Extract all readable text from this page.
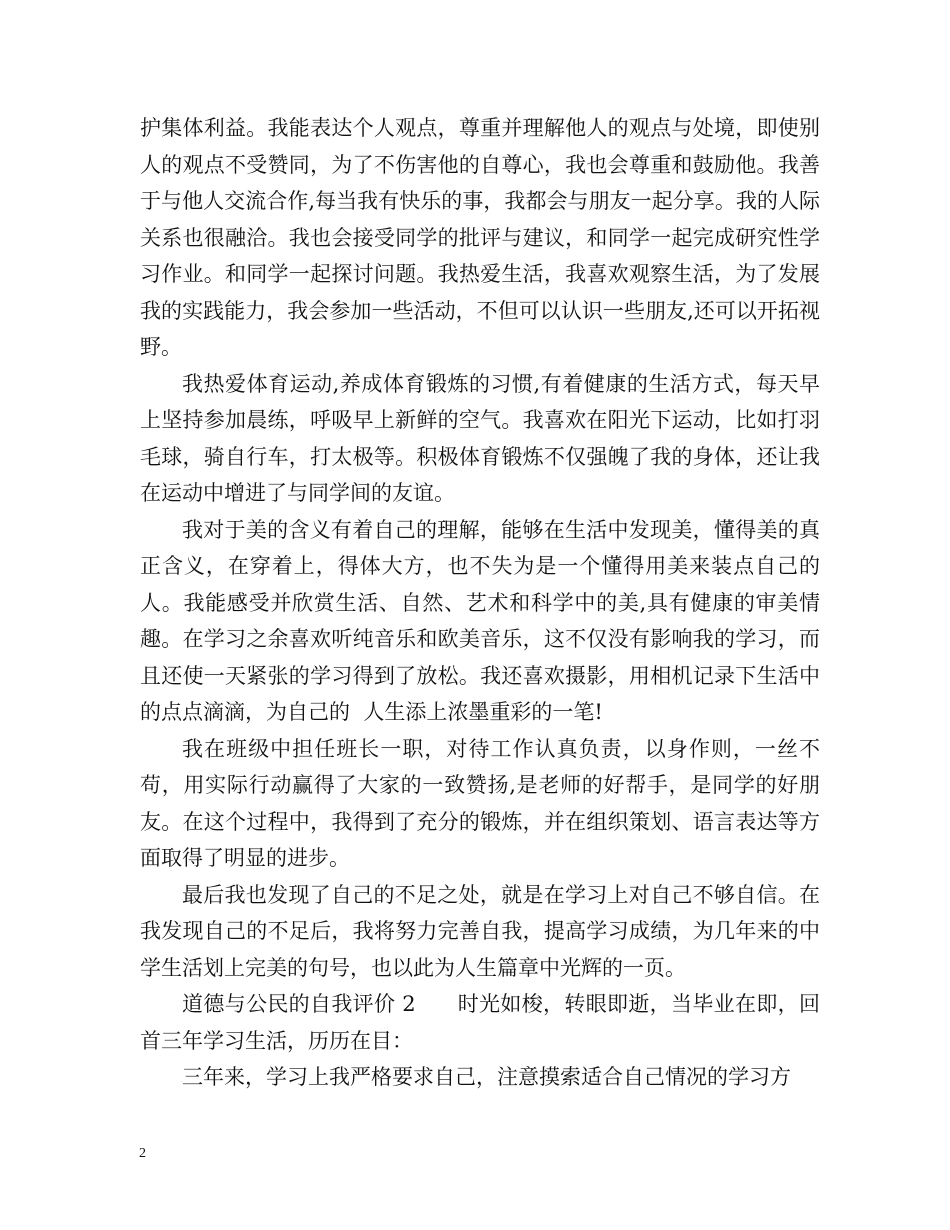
护集体利益。我能表达个人观点，尊重并理解他人的观点与处境，即使别人的观点不受赞同，为了不伤害他的自尊心，我也会尊重和鼓励他。我善于与他人交流合作,每当我有快乐的事，我都会与朋友一起分享。我的人际关系也很融洽。我也会接受同学的批评与建议，和同学一起完成研究性学习作业。和同学一起探讨问题。我热爱生活，我喜欢观察生活，为了发展我的实践能力，我会参加一些活动，不但可以认识一些朋友,还可以开拓视野。

我热爱体育运动,养成体育锻炼的习惯,有着健康的生活方式，每天早上坚持参加晨练，呼吸早上新鲜的空气。我喜欢在阳光下运动，比如打羽毛球，骑自行车，打太极等。积极体育锻炼不仅强魄了我的身体，还让我在运动中增进了与同学间的友谊。

我对于美的含义有着自己的理解，能够在生活中发现美，懂得美的真正含义，在穿着上，得体大方，也不失为是一个懂得用美来装点自己的人。我能感受并欣赏生活、自然、艺术和科学中的美,具有健康的审美情趣。在学习之余喜欢听纯音乐和欧美音乐，这不仅没有影响我的学习，而且还使一天紧张的学习得到了放松。我还喜欢摄影，用相机记录下生活中的点点滴滴，为自己的  人生添上浓墨重彩的一笔!

我在班级中担任班长一职，对待工作认真负责，以身作则，一丝不苟，用实际行动赢得了大家的一致赞扬,是老师的好帮手，是同学的好朋友。在这个过程中，我得到了充分的锻炼，并在组织策划、语言表达等方面取得了明显的进步。

最后我也发现了自己的不足之处，就是在学习上对自己不够自信。在我发现自己的不足后，我将努力完善自我，提高学习成绩，为几年来的中学生活划上完美的句号，也以此为人生篇章中光辉的一页。

道德与公民的自我评价 2      时光如梭，转眼即逝，当毕业在即，回首三年学习生活，历历在目：

三年来，学习上我严格要求自己，注意摸索适合自己情况的学习方

2
